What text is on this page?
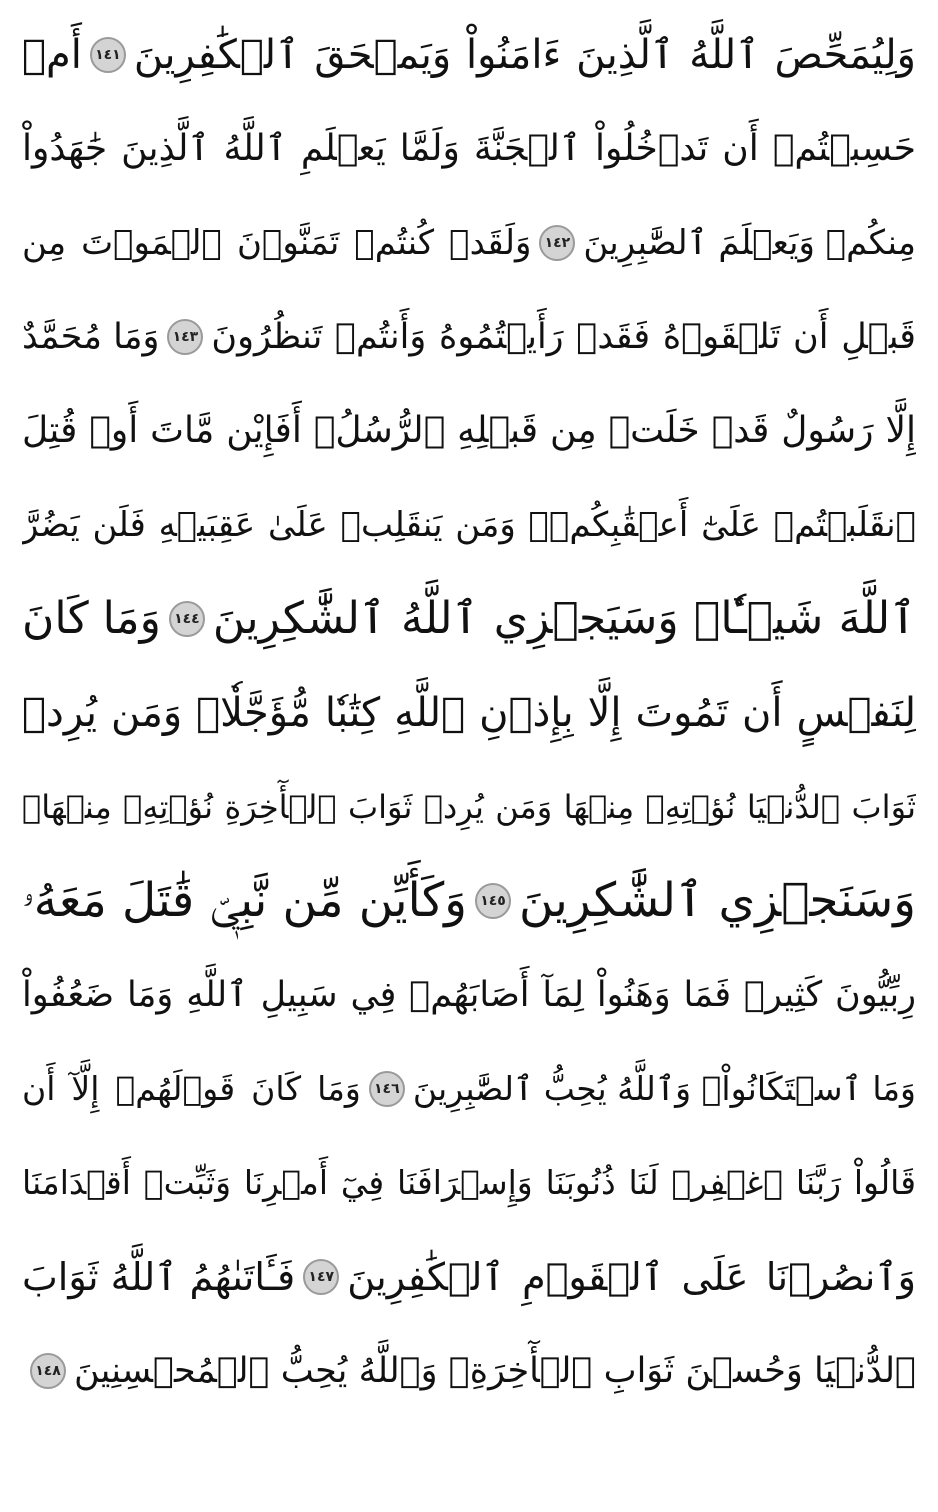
وَلِيُمَحِّصَ ٱللَّهُ ٱلَّذِينَ ءَامَنُواْ وَيَمۡحَقَ ٱلۡكَٰفِرِينَ
١٤١
أَمۡ
حَسِبۡتُمۡ أَن تَدۡخُلُواْ ٱلۡجَنَّةَ وَلَمَّا يَعۡلَمِ ٱللَّهُ ٱلَّذِينَ جَٰهَدُواْ
مِنكُمۡ وَيَعۡلَمَ ٱلصَّٰبِرِينَ
١٤٢
وَلَقَدۡ كُنتُمۡ تَمَنَّوۡنَ ٱلۡمَوۡتَ مِن
قَبۡلِ أَن تَلۡقَوۡهُ فَقَدۡ رَأَيۡتُمُوهُ وَأَنتُمۡ تَنظُرُونَ
١٤٣
وَمَا مُحَمَّدٌ
إِلَّا رَسُولٌ قَدۡ خَلَتۡ مِن قَبۡلِهِ ٱلرُّسُلُۚ أَفَإِيْن مَّاتَ أَوۡ قُتِلَ
ٱنقَلَبۡتُمۡ عَلَىٰٓ أَعۡقَٰبِكُمۡۚ وَمَن يَنقَلِبۡ عَلَىٰ عَقِبَيۡهِ فَلَن يَضُرَّ
ٱللَّهَ شَيۡـٔٗاۗ وَسَيَجۡزِي ٱللَّهُ ٱلشَّٰكِرِينَ
١٤٤
وَمَا كَانَ
لِنَفۡسٍ أَن تَمُوتَ إِلَّا بِإِذۡنِ ٱللَّهِ كِتَٰبٗا مُّؤَجَّلٗاۗ وَمَن يُرِدۡ
ثَوَابَ ٱلدُّنۡيَا نُؤۡتِهِۦ مِنۡهَا وَمَن يُرِدۡ ثَوَابَ ٱلۡأٓخِرَةِ نُؤۡتِهِۦ مِنۡهَاۚ
وَسَنَجۡزِي ٱلشَّٰكِرِينَ
١٤٥
وَكَأَيِّن مِّن نَّبِيّٖ قَٰتَلَ مَعَهُۥ
رِبِّيُّونَ كَثِيرٞ فَمَا وَهَنُواْ لِمَآ أَصَابَهُمۡ فِي سَبِيلِ ٱللَّهِ وَمَا ضَعُفُواْ
وَمَا ٱسۡتَكَانُواْۗ وَٱللَّهُ يُحِبُّ ٱلصَّٰبِرِينَ
١٤٦
وَمَا كَانَ قَوۡلَهُمۡ إِلَّآ أَن
قَالُواْ رَبَّنَا ٱغۡفِرۡ لَنَا ذُنُوبَنَا وَإِسۡرَافَنَا فِيٓ أَمۡرِنَا وَثَبِّتۡ أَقۡدَامَنَا
وَٱنصُرۡنَا عَلَى ٱلۡقَوۡمِ ٱلۡكَٰفِرِينَ
١٤٧
فَـَٔاتَىٰهُمُ ٱللَّهُ ثَوَابَ
ٱلدُّنۡيَا وَحُسۡنَ ثَوَابِ ٱلۡأٓخِرَةِۗ وَٱللَّهُ يُحِبُّ ٱلۡمُحۡسِنِينَ
١٤٨
